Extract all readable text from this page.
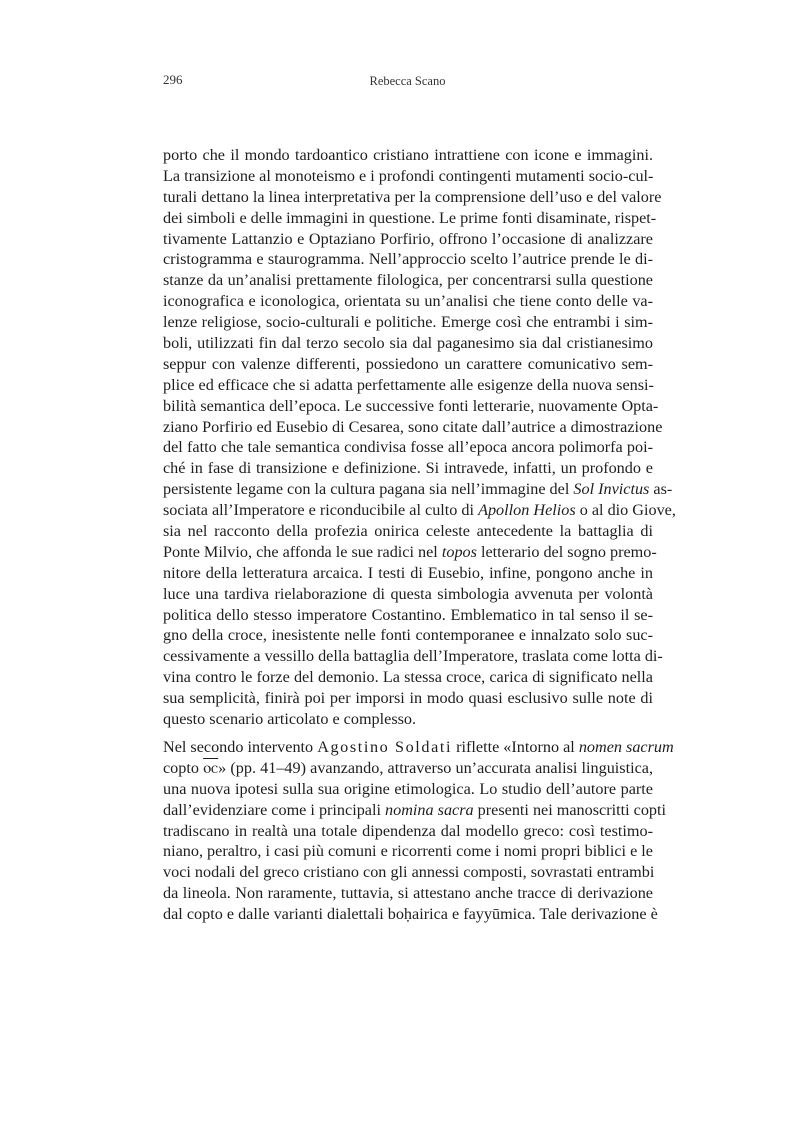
296	Rebecca Scano

porto che il mondo tardoantico cristiano intrattiene con icone e immagini.
La transizione al monoteismo e i profondi contingenti mutamenti socio-cul-
turali dettano la linea interpretativa per la comprensione dell’uso e del valore
dei simboli e delle immagini in questione. Le prime fonti disaminate, rispet-
tivamente Lattanzio e Optaziano Porfirio, offrono l’occasione di analizzare
cristogramma e staurogramma. Nell’approccio scelto l’autrice prende le di-
stanze da un’analisi prettamente filologica, per concentrarsi sulla questione
iconografica e iconologica, orientata su un’analisi che tiene conto delle va-
lenze religiose, socio-culturali e politiche. Emerge così che entrambi i sim-
boli, utilizzati fin dal terzo secolo sia dal paganesimo sia dal cristianesimo
seppur con valenze differenti, possiedono un carattere comunicativo sem-
plice ed efficace che si adatta perfettamente alle esigenze della nuova sensi-
bilità semantica dell’epoca. Le successive fonti letterarie, nuovamente Opta-
ziano Porfirio ed Eusebio di Cesarea, sono citate dall’autrice a dimostrazione
del fatto che tale semantica condivisa fosse all’epoca ancora polimorfa poi-
ché in fase di transizione e definizione. Si intravede, infatti, un profondo e
persistente legame con la cultura pagana sia nell’immagine del Sol Invictus as-
sociata all’Imperatore e riconducibile al culto di Apollon Helios o al dio Giove,
sia nel racconto della profezia onirica celeste antecedente la battaglia di
Ponte Milvio, che affonda le sue radici nel topos letterario del sogno premo-
nitore della letteratura arcaica. I testi di Eusebio, infine, pongono anche in
luce una tardiva rielaborazione di questa simbologia avvenuta per volontà
politica dello stesso imperatore Costantino. Emblematico in tal senso il se-
gno della croce, inesistente nelle fonti contemporanee e innalzato solo suc-
cessivamente a vessillo della battaglia dell’Imperatore, traslata come lotta di-
vina contro le forze del demonio. La stessa croce, carica di significato nella
sua semplicità, finirà poi per imporsi in modo quasi esclusivo sulle note di
questo scenario articolato e complesso.

Nel secondo intervento Agostino Soldati riflette «Intorno al nomen sacrum
copto ⲟⲥ» (pp. 41–49) avanzando, attraverso un’accurata analisi linguistica,
una nuova ipotesi sulla sua origine etimologica. Lo studio dell’autore parte
dall’evidenziare come i principali nomina sacra presenti nei manoscritti copti
tradiscano in realtà una totale dipendenza dal modello greco: così testimo-
niano, peraltro, i casi più comuni e ricorrenti come i nomi propri biblici e le
voci nodali del greco cristiano con gli annessi composti, sovrastati entrambi
da lineola. Non raramente, tuttavia, si attestano anche tracce di derivazione
dal copto e dalle varianti dialettali boḥairica e fayyūmica. Tale derivazione è
